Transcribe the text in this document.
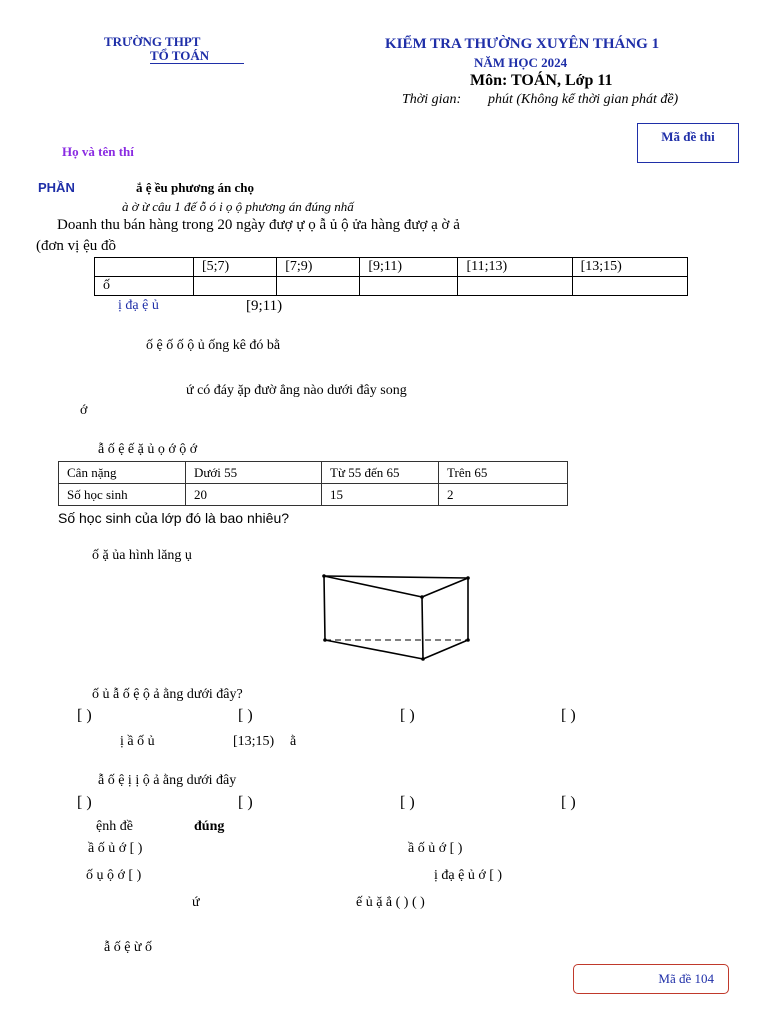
TRƯỜNG THPT
TỔ TOÁN
KIỂM TRA THƯỜNG XUYÊN THÁNG 1
NĂM HỌC 2024
Môn: TOÁN, Lớp 11
Thời gian: phút (Không kể thời gian phát đề)
Mã đề thi
Họ và tên thí
PHẦN	ắ ệ ều phương án chọ
à ờ ừ câu 1 đế ỗ ó i ọ ộ phương án đúng nhấ
Doanh thu bán hàng trong 20 ngày đượ ự ọ ẫ ủ ộ ửa hàng đượ ạ ờ ả
(đơn vị ệu đồ
	[5;7)	[7;9)	[9;11)	[11;13)	[13;15)
ố					
ị đạ ệ ủ	[9;11)
ố ệ ố ố ộ ủ ống kê đó bằ
ứ có đáy ặp đườ ẳng nào dưới đây song
ớ
ẫ ố ệ ế ặ ủ ọ ớ ộ ớ
Cân nặng	Dưới 55	Từ 55 đến 65	Trên 65
Số học sinh	20	15	2
Số học sinh của lớp đó là bao nhiêu?
ố ặ ủa hình lăng ụ
ố ủ ẫ ố ệ ộ ả ằng dưới đây?
[ )	[ )	[ )	[ )
ị ầ ố ủ	[13;15) ằ
ẫ ố ệ ị ị ộ ả ằng dưới đây
[ )	[ )	[ )	[ )
ệnh đề	đúng
ầ ố ủ ớ [ )	ầ ố ủ ớ [ )
ố ụ ộ ớ [ )	ị đạ ệ ủ ớ [ )
ứ	ế ủ ặ ẳ ( ) ( )
ẫ ố ệ ừ ố
Mã đề 104
